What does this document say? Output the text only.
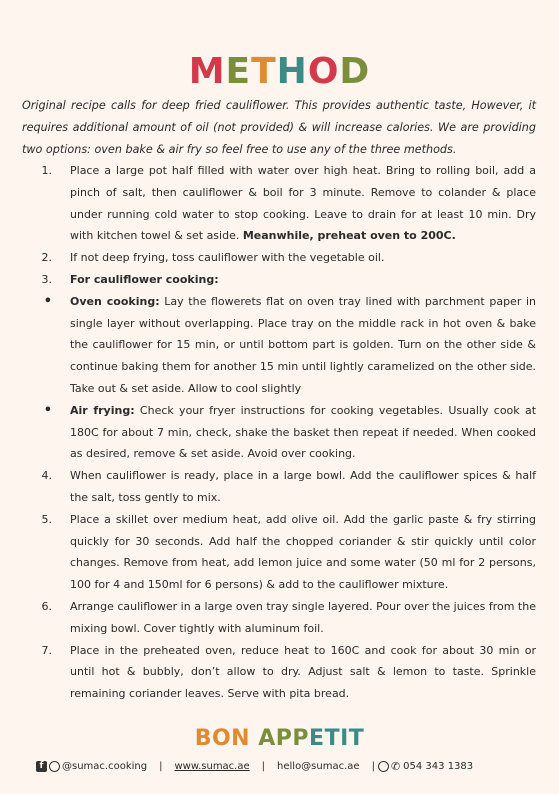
METHOD
Original recipe calls for deep fried cauliflower. This provides authentic taste, However, it requires additional amount of oil (not provided) & will increase calories. We are providing two options: oven bake & air fry so feel free to use any of the three methods.
1.	Place a large pot half filled with water over high heat. Bring to rolling boil, add a pinch of salt, then cauliflower & boil for 3 minute. Remove to colander & place under running cold water to stop cooking. Leave to drain for at least 10 min. Dry with kitchen towel & set aside. Meanwhile, preheat oven to 200C.
2.	If not deep frying, toss cauliflower with the vegetable oil.
3.	For cauliflower cooking:
•	Oven cooking: Lay the flowerets flat on oven tray lined with parchment paper in single layer without overlapping. Place tray on the middle rack in hot oven & bake the cauliflower for 15 min, or until bottom part is golden. Turn on the other side & continue baking them for another 15 min until lightly caramelized on the other side. Take out & set aside. Allow to cool slightly
•	Air frying: Check your fryer instructions for cooking vegetables. Usually cook at 180C for about 7 min, check, shake the basket then repeat if needed. When cooked as desired, remove & set aside. Avoid over cooking.
4.	When cauliflower is ready, place in a large bowl. Add the cauliflower spices & half the salt, toss gently to mix.
5.	Place a skillet over medium heat, add olive oil. Add the garlic paste & fry stirring quickly for 30 seconds. Add half the chopped coriander & stir quickly until color changes. Remove from heat, add lemon juice and some water (50 ml for 2 persons, 100 for 4 and 150ml for 6 persons) & add to the cauliflower mixture.
6.	Arrange cauliflower in a large oven tray single layered. Pour over the juices from the mixing bowl. Cover tightly with aluminum foil.
7.	Place in the preheated oven, reduce heat to 160C and cook for about 30 min or until hot & bubbly, don’t allow to dry. Adjust salt & lemon to taste. Sprinkle remaining coriander leaves. Serve with pita bread.
BON APPETIT
f	@sumac.cooking | www.sumac.ae | hello@sumac.ae | ✆ 054 343 1383
